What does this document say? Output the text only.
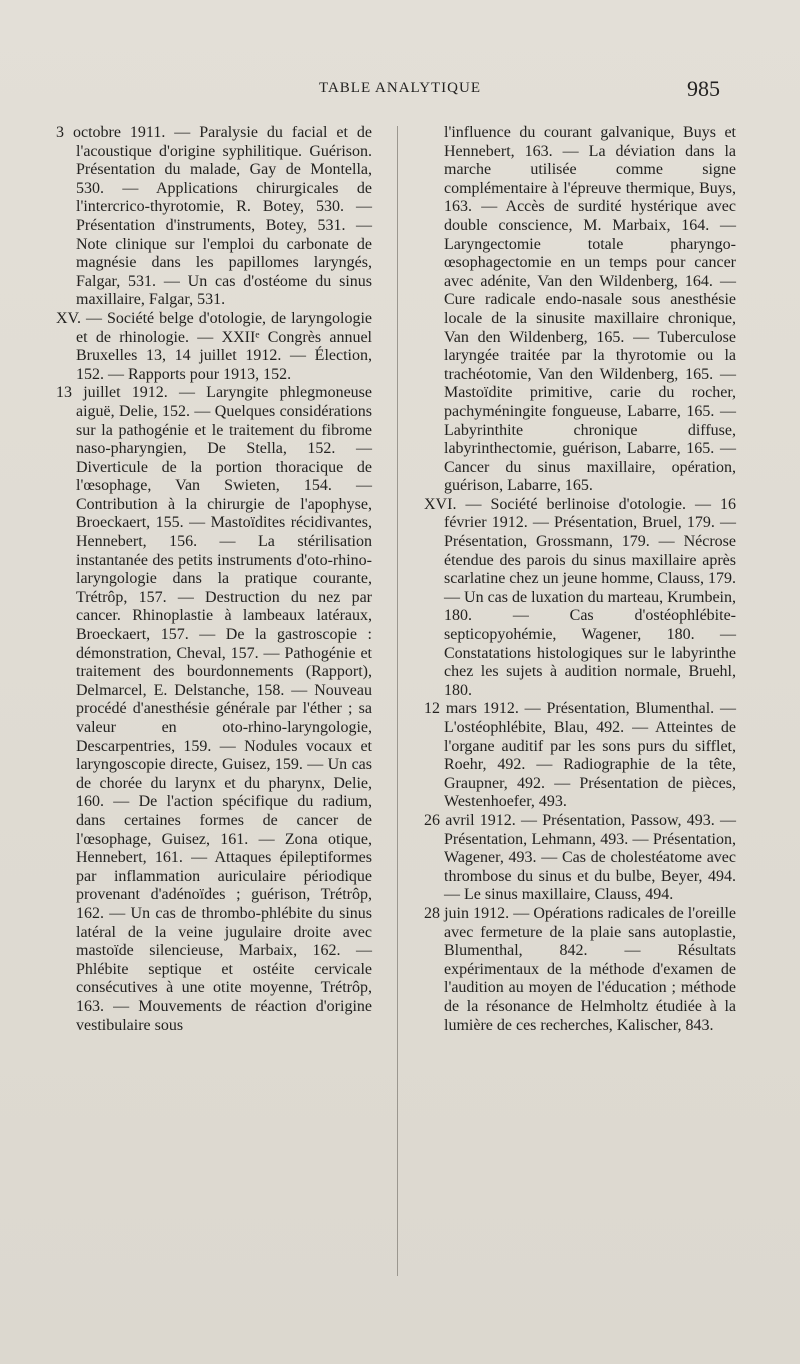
TABLE ANALYTIQUE	985

3 octobre 1911. — Paralysie du facial et de l'acoustique d'origine syphilitique. Guérison. Présentation du malade, Gay de Montella, 530. — Applications chirurgicales de l'intercrico-thyrotomie, R. Botey, 530. — Présentation d'instruments, Botey, 531. — Note clinique sur l'emploi du carbonate de magnésie dans les papillomes laryngés, Falgar, 531. — Un cas d'ostéome du sinus maxillaire, Falgar, 531.

XV. — Société belge d'otologie, de laryngologie et de rhinologie. — XXIIᵉ Congrès annuel Bruxelles 13, 14 juillet 1912. — Élection, 152. — Rapports pour 1913, 152.

13 juillet 1912. — Laryngite phlegmoneuse aiguë, Delie, 152. — Quelques considérations sur la pathogénie et le traitement du fibrome naso-pharyngien, De Stella, 152. — Diverticule de la portion thoracique de l'œsophage, Van Swieten, 154. — Contribution à la chirurgie de l'apophyse, Broeckaert, 155. — Mastoïdites récidivantes, Hennebert, 156. — La stérilisation instantanée des petits instruments d'oto-rhino-laryngologie dans la pratique courante, Trétrôp, 157. — Destruction du nez par cancer. Rhinoplastie à lambeaux latéraux, Broeckaert, 157. — De la gastroscopie : démonstration, Cheval, 157. — Pathogénie et traitement des bourdonnements (Rapport), Delmarcel, E. Delstanche, 158. — Nouveau procédé d'anesthésie générale par l'éther ; sa valeur en oto-rhino-laryngologie, Descarpentries, 159. — Nodules vocaux et laryngoscopie directe, Guisez, 159. — Un cas de chorée du larynx et du pharynx, Delie, 160. — De l'action spécifique du radium, dans certaines formes de cancer de l'œsophage, Guisez, 161. — Zona otique, Hennebert, 161. — Attaques épileptiformes par inflammation auriculaire périodique provenant d'adénoïdes ; guérison, Trétrôp, 162. — Un cas de thrombo-phlébite du sinus latéral de la veine jugulaire droite avec mastoïde silencieuse, Marbaix, 162. — Phlébite septique et ostéite cervicale consécutives à une otite moyenne, Trétrôp, 163. — Mouvements de réaction d'origine vestibulaire sous

l'influence du courant galvanique, Buys et Hennebert, 163. — La déviation dans la marche utilisée comme signe complémentaire à l'épreuve thermique, Buys, 163. — Accès de surdité hystérique avec double conscience, M. Marbaix, 164. — Laryngectomie totale pharyngo-œsophagectomie en un temps pour cancer avec adénite, Van den Wildenberg, 164. — Cure radicale endo-nasale sous anesthésie locale de la sinusite maxillaire chronique, Van den Wildenberg, 165. — Tuberculose laryngée traitée par la thyrotomie ou la trachéotomie, Van den Wildenberg, 165. — Mastoïdite primitive, carie du rocher, pachyméningite fongueuse, Labarre, 165. — Labyrinthite chronique diffuse, labyrinthectomie, guérison, Labarre, 165. — Cancer du sinus maxillaire, opération, guérison, Labarre, 165.

XVI. — Société berlinoise d'otologie. — 16 février 1912. — Présentation, Bruel, 179. — Présentation, Grossmann, 179. — Nécrose étendue des parois du sinus maxillaire après scarlatine chez un jeune homme, Clauss, 179. — Un cas de luxation du marteau, Krumbein, 180. — Cas d'ostéophlébite-septicopyohémie, Wagener, 180. — Constatations histologiques sur le labyrinthe chez les sujets à audition normale, Bruehl, 180.

12 mars 1912. — Présentation, Blumenthal. — L'ostéophlébite, Blau, 492. — Atteintes de l'organe auditif par les sons purs du sifflet, Roehr, 492. — Radiographie de la tête, Graupner, 492. — Présentation de pièces, Westenhoefer, 493.

26 avril 1912. — Présentation, Passow, 493. — Présentation, Lehmann, 493. — Présentation, Wagener, 493. — Cas de cholestéatome avec thrombose du sinus et du bulbe, Beyer, 494. — Le sinus maxillaire, Clauss, 494.

28 juin 1912. — Opérations radicales de l'oreille avec fermeture de la plaie sans autoplastie, Blumenthal, 842. — Résultats expérimentaux de la méthode d'examen de l'audition au moyen de l'éducation ; méthode de la résonance de Helmholtz étudiée à la lumière de ces recherches, Kalischer, 843.
